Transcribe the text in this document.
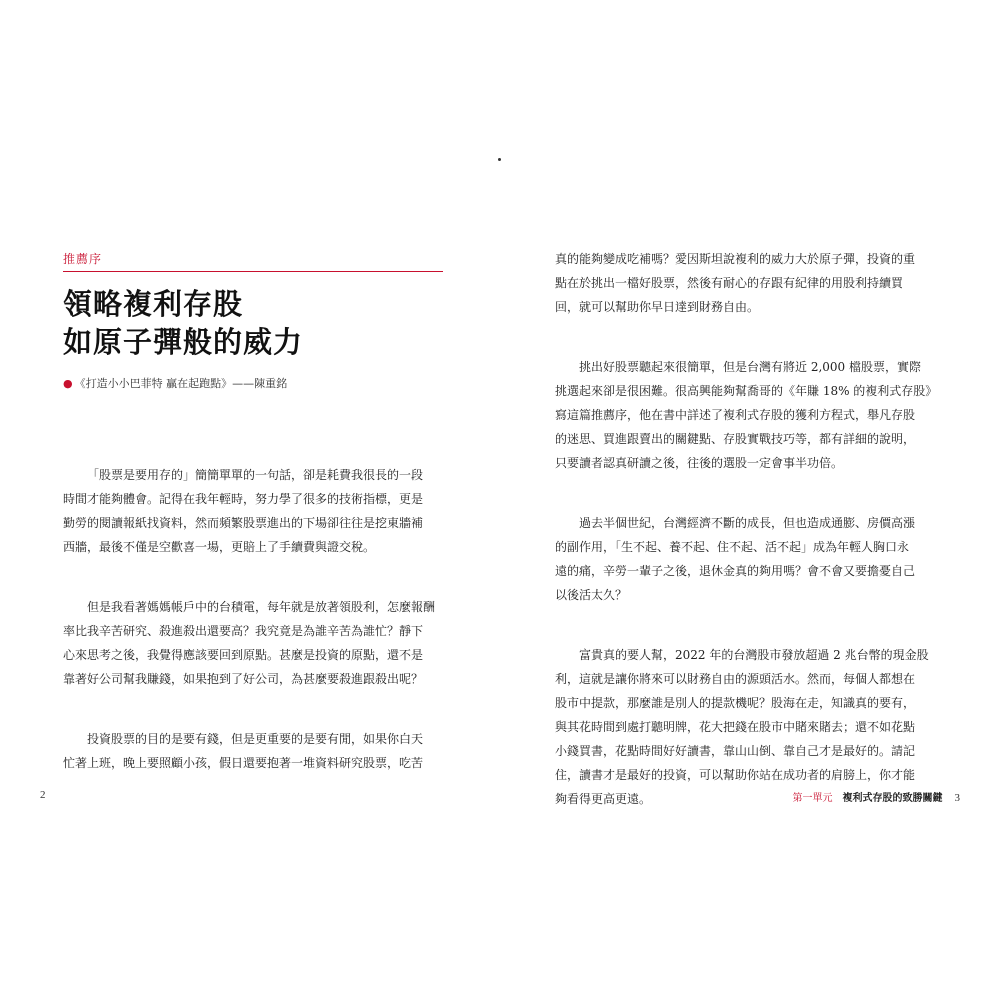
推薦序
領略複利存股
如原子彈般的威力
● 《打造小小巴菲特 贏在起跑點》——陳重銘

「股票是要用存的」簡簡單單的一句話，卻是耗費我很長的一段
時間才能夠體會。記得在我年輕時，努力學了很多的技術指標，更是
勤勞的閱讀報紙找資料，然而頻繁股票進出的下場卻往往是挖東牆補
西牆，最後不僅是空歡喜一場，更賠上了手續費與證交稅。

但是我看著媽媽帳戶中的台積電，每年就是放著領股利，怎麼報酬
率比我辛苦研究、殺進殺出還要高？我究竟是為誰辛苦為誰忙？靜下
心來思考之後，我覺得應該要回到原點。甚麼是投資的原點，還不是
靠著好公司幫我賺錢，如果抱到了好公司，為甚麼要殺進跟殺出呢？

投資股票的目的是要有錢，但是更重要的是要有閒，如果你白天
忙著上班，晚上要照顧小孩，假日還要抱著一堆資料研究股票，吃苦

2

真的能夠變成吃補嗎？愛因斯坦說複利的威力大於原子彈，投資的重
點在於挑出一檔好股票，然後有耐心的存跟有紀律的用股利持續買
回，就可以幫助你早日達到財務自由。

挑出好股票聽起來很簡單，但是台灣有將近 2,000 檔股票，實際
挑選起來卻是很困難。很高興能夠幫喬哥的《年賺 18% 的複利式存股》
寫這篇推薦序，他在書中詳述了複利式存股的獲利方程式，舉凡存股
的迷思、買進跟賣出的關鍵點、存股實戰技巧等，都有詳細的說明，
只要讀者認真研讀之後，往後的選股一定會事半功倍。

過去半個世紀，台灣經濟不斷的成長，但也造成通膨、房價高漲
的副作用，「生不起、養不起、住不起、活不起」成為年輕人胸口永
遠的痛，辛勞一輩子之後，退休金真的夠用嗎？會不會又要擔憂自己
以後活太久？

富貴真的要人幫，2022 年的台灣股市發放超過 2 兆台幣的現金股
利，這就是讓你將來可以財務自由的源頭活水。然而，每個人都想在
股市中提款，那麼誰是別人的提款機呢？股海在走，知識真的要有，
與其花時間到處打聽明牌，花大把錢在股市中賭來賭去；還不如花點
小錢買書，花點時間好好讀書，靠山山倒、靠自己才是最好的。請記
住，讀書才是最好的投資，可以幫助你站在成功者的肩膀上，你才能
夠看得更高更遠。	第一單元 複利式存股的致勝關鍵 3
